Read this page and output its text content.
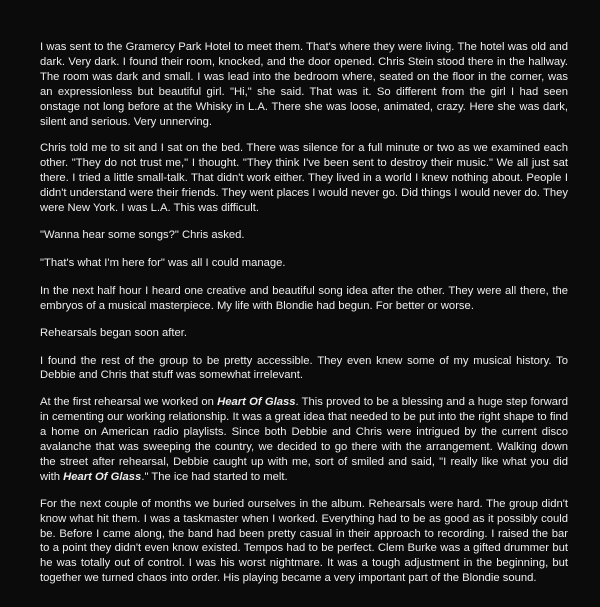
I was sent to the Gramercy Park Hotel to meet them. That's where they were living. The hotel was old and dark. Very dark. I found their room, knocked, and the door opened. Chris Stein stood there in the hallway. The room was dark and small. I was lead into the bedroom where, seated on the floor in the corner, was an expressionless but beautiful girl. "Hi," she said. That was it. So different from the girl I had seen onstage not long before at the Whisky in L.A. There she was loose, animated, crazy. Here she was dark, silent and serious. Very unnerving.

Chris told me to sit and I sat on the bed. There was silence for a full minute or two as we examined each other. "They do not trust me," I thought. "They think I've been sent to destroy their music." We all just sat there. I tried a little small-talk. That didn't work either. They lived in a world I knew nothing about. People I didn't understand were their friends. They went places I would never go. Did things I would never do. They were New York. I was L.A. This was difficult.

"Wanna hear some songs?" Chris asked.

"That's what I'm here for" was all I could manage.

In the next half hour I heard one creative and beautiful song idea after the other. They were all there, the embryos of a musical masterpiece. My life with Blondie had begun. For better or worse.

Rehearsals began soon after.

I found the rest of the group to be pretty accessible. They even knew some of my musical history. To Debbie and Chris that stuff was somewhat irrelevant.

At the first rehearsal we worked on Heart Of Glass. This proved to be a blessing and a huge step forward in cementing our working relationship. It was a great idea that needed to be put into the right shape to find a home on American radio playlists. Since both Debbie and Chris were intrigued by the current disco avalanche that was sweeping the country, we decided to go there with the arrangement. Walking down the street after rehearsal, Debbie caught up with me, sort of smiled and said, "I really like what you did with Heart Of Glass." The ice had started to melt.

For the next couple of months we buried ourselves in the album. Rehearsals were hard. The group didn't know what hit them. I was a taskmaster when I worked. Everything had to be as good as it possibly could be. Before I came along, the band had been pretty casual in their approach to recording. I raised the bar to a point they didn't even know existed. Tempos had to be perfect. Clem Burke was a gifted drummer but he was totally out of control. I was his worst nightmare. It was a tough adjustment in the beginning, but together we turned chaos into order. His playing became a very important part of the Blondie sound.
